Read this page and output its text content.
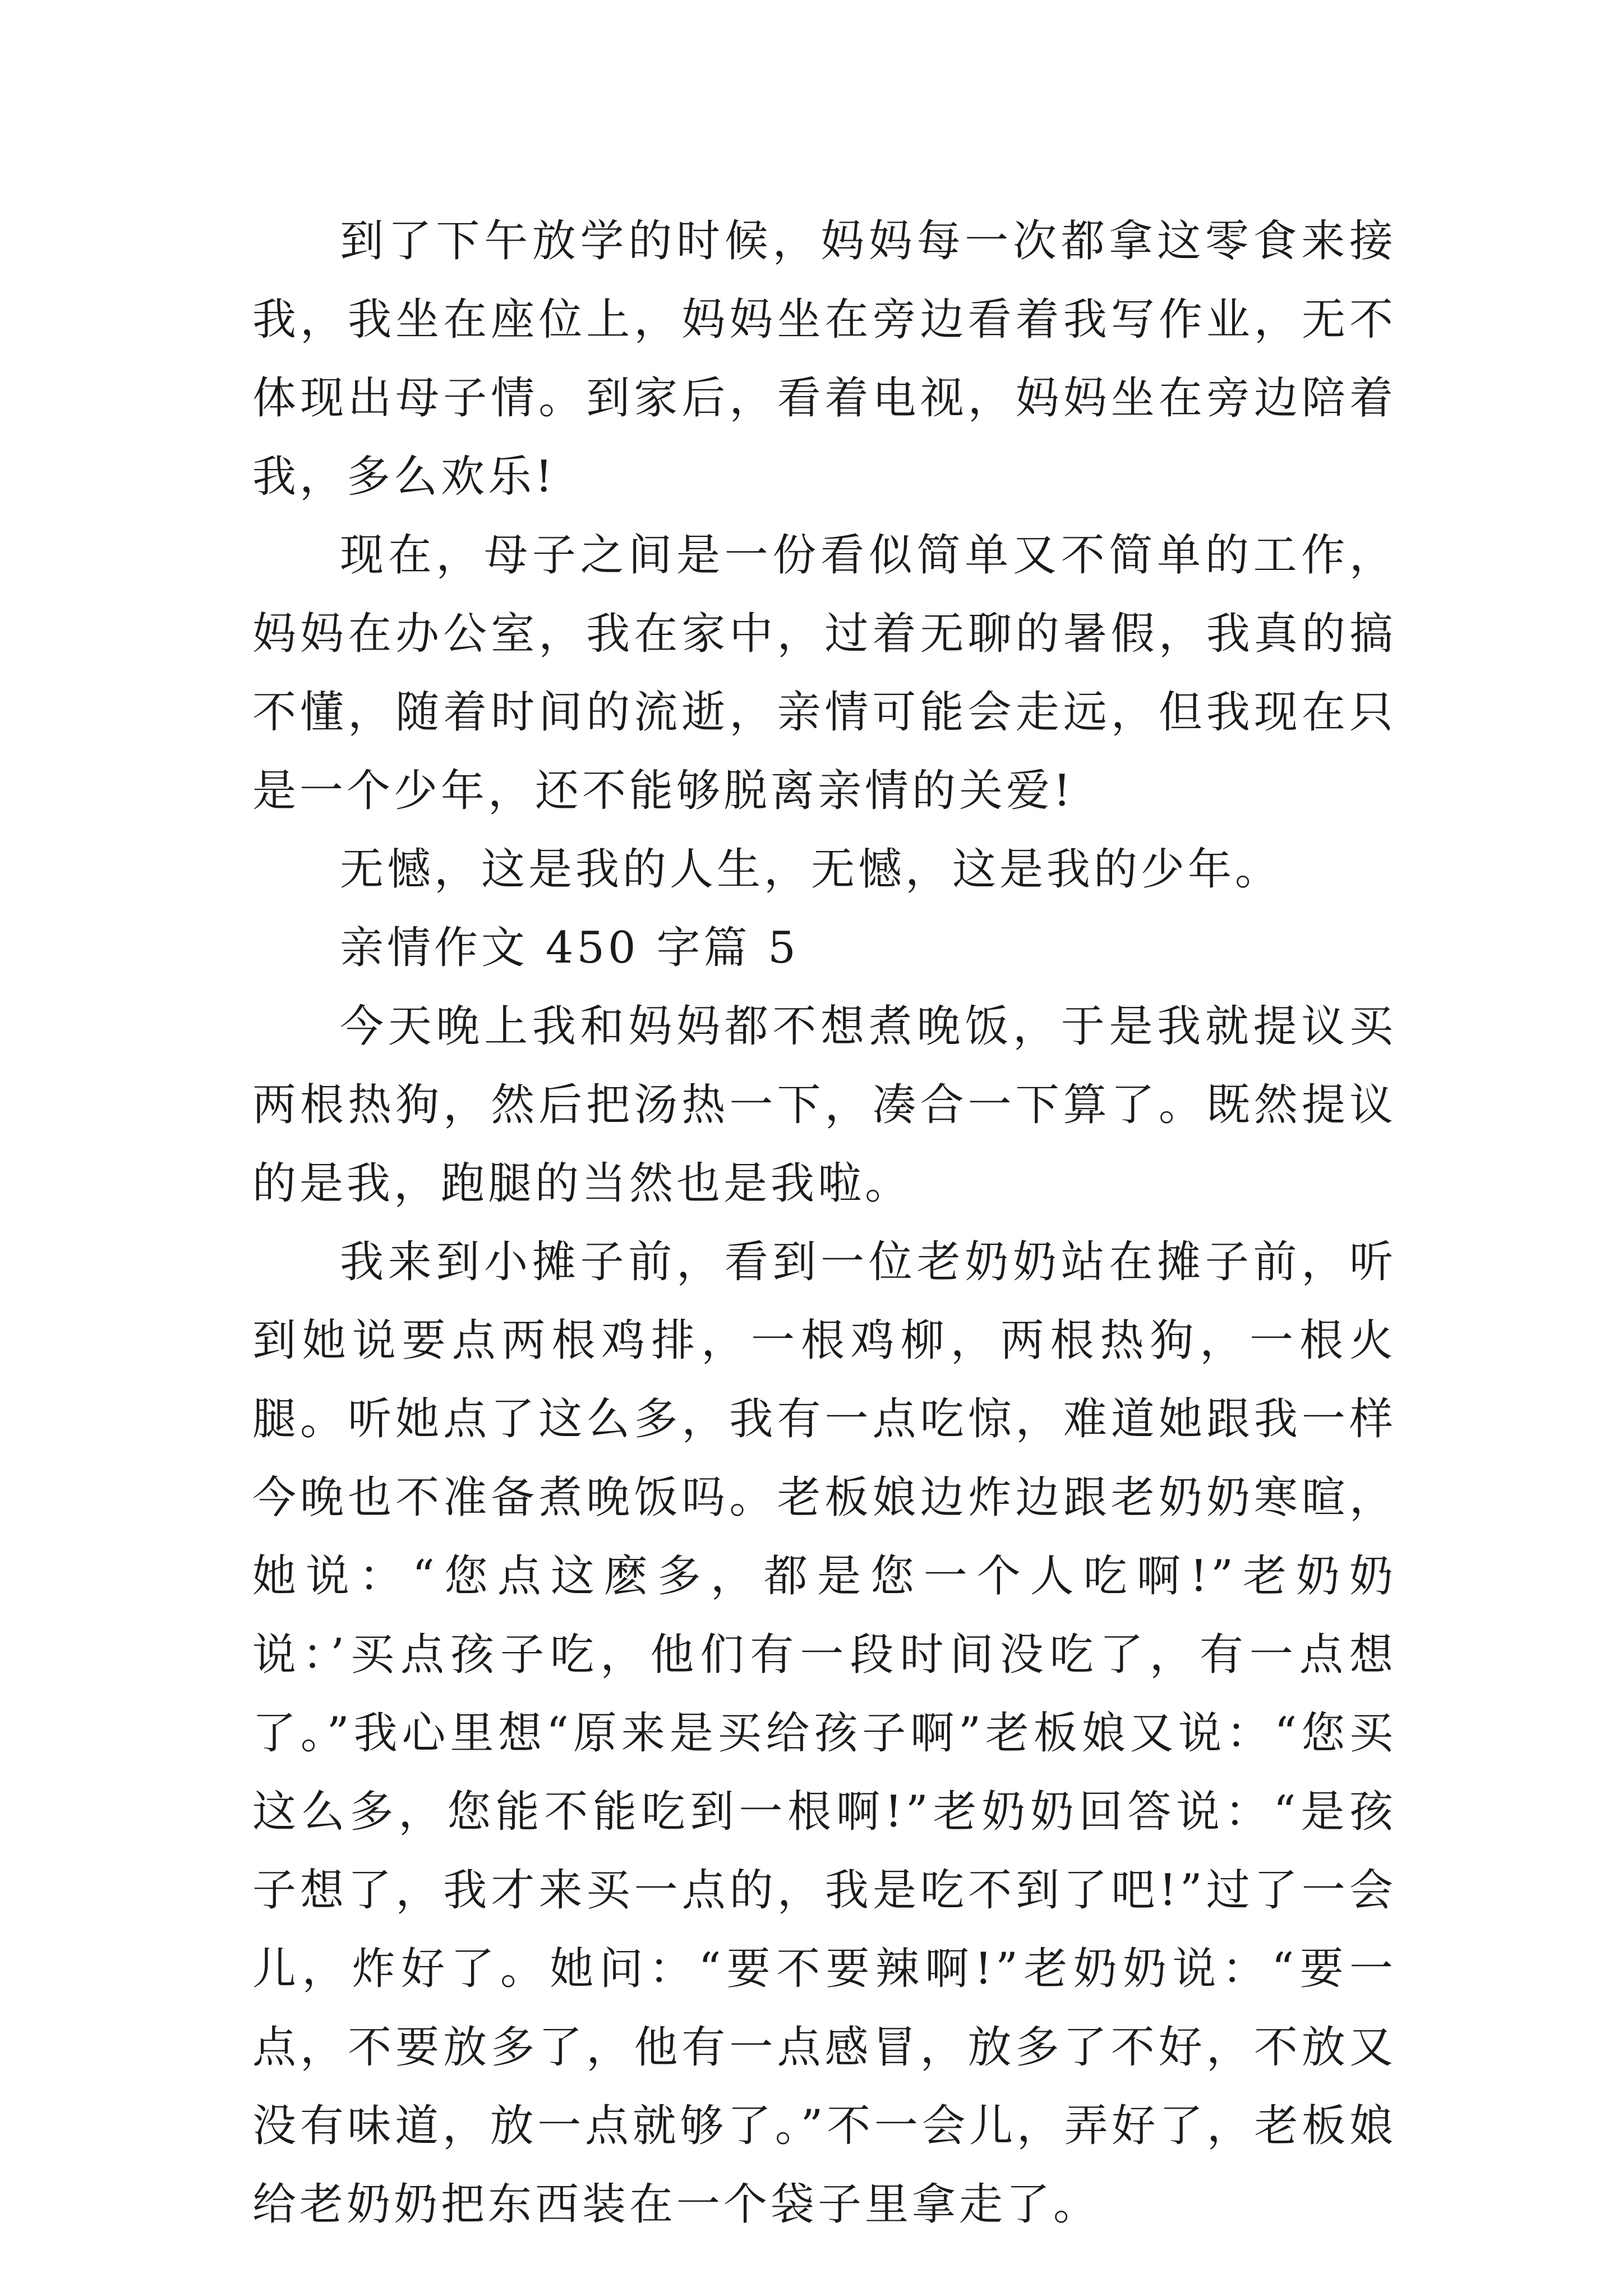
到了下午放学的时候，妈妈每一次都拿这零食来接我，我坐在座位上，妈妈坐在旁边看着我写作业，无不体现出母子情。到家后，看着电视，妈妈坐在旁边陪着我，多么欢乐!

现在，母子之间是一份看似简单又不简单的工作，妈妈在办公室，我在家中，过着无聊的暑假，我真的搞不懂，随着时间的流逝，亲情可能会走远，但我现在只是一个少年，还不能够脱离亲情的关爱!

无憾，这是我的人生，无憾，这是我的少年。

亲情作文 450 字篇 5

今天晚上我和妈妈都不想煮晚饭，于是我就提议买两根热狗，然后把汤热一下，凑合一下算了。既然提议的是我，跑腿的当然也是我啦。

我来到小摊子前，看到一位老奶奶站在摊子前，听到她说要点两根鸡排，一根鸡柳，两根热狗，一根火腿。听她点了这么多，我有一点吃惊，难道她跟我一样今晚也不准备煮晚饭吗。老板娘边炸边跟老奶奶寒暄，她说：“您点这麽多，都是您一个人吃啊!”老奶奶说：’买点孩子吃，他们有一段时间没吃了，有一点想了。”我心里想“原来是买给孩子啊”老板娘又说：“您买这么多，您能不能吃到一根啊!”老奶奶回答说：“是孩子想了，我才来买一点的，我是吃不到了吧!”过了一会儿，炸好了。她问：“要不要辣啊!”老奶奶说：“要一点，不要放多了，他有一点感冒，放多了不好，不放又没有味道，放一点就够了。”不一会儿，弄好了，老板娘给老奶奶把东西装在一个袋子里拿走了。
